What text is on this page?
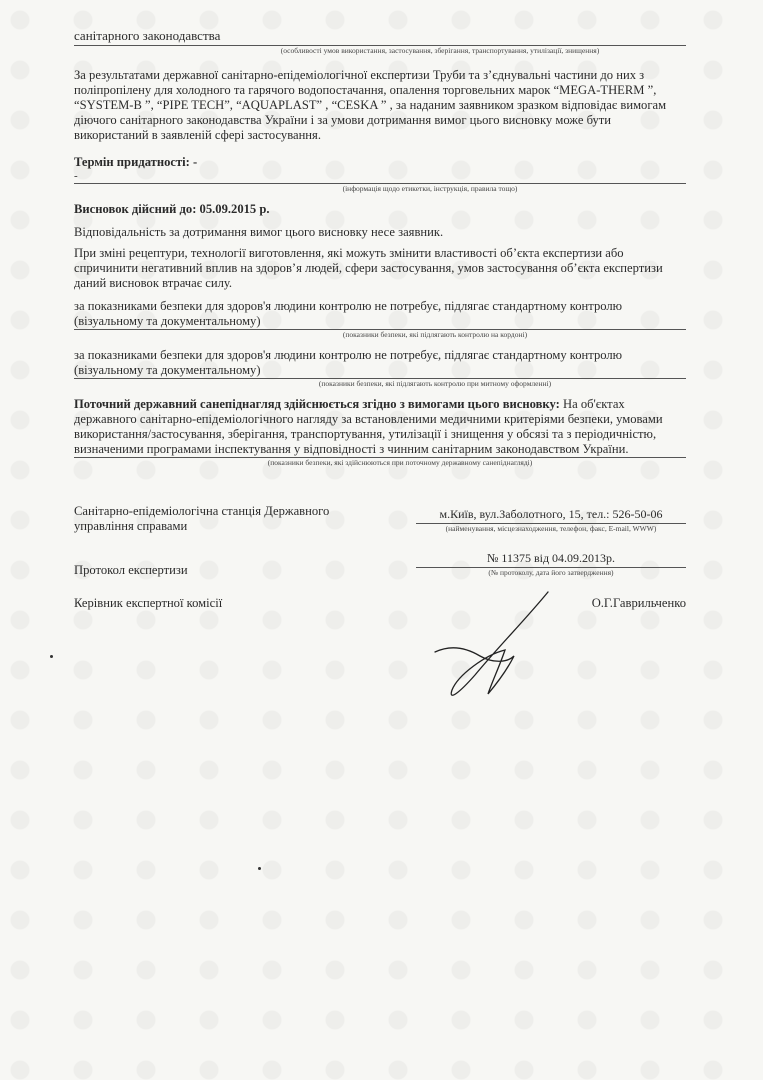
санітарного законодавства
(особливості умов використання, застосування, зберігання, транспортування, утилізації, знищення)

За результатами державної санітарно-епідеміологічної експертизи Труби та з’єднувальні частини до них з поліпропілену для холодного та гарячого водопостачання, опалення торговельних марок “MEGA-THERM ”, “SYSTEM-B ”, “PIPE TECH”, “AQUAPLAST” , “CESKA ” , за наданим заявником зразком відповідає вимогам діючого санітарного законодавства України і за умови дотримання вимог цього висновку може бути використаний в заявленій сфері застосування.

Термін придатності: -

-
(інформація щодо етикетки, інструкція, правила тощо)

Висновок дійсний до: 05.09.2015 р.

Відповідальність за дотримання вимог цього висновку несе заявник.

При зміні рецептури, технології виготовлення, які можуть змінити властивості об’єкта експертизи або спричинити негативний вплив на здоров’я людей, сфери застосування, умов застосування об’єкта експертизи даний висновок втрачає силу.

за показниками безпеки для здоров'я людини контролю не потребує, підлягає стандартному контролю (візуальному та документальному)

(показники безпеки, які підлягають контролю на кордоні)

за показниками безпеки для здоров'я людини контролю не потребує, підлягає стандартному контролю (візуальному та документальному)

(показники безпеки, які підлягають контролю при митному оформленні)

Поточний державний санепіднагляд здійснюється згідно з вимогами цього висновку: На об'єктах державного санітарно-епідеміологічного нагляду за встановленими медичними критеріями безпеки, умовами використання/застосування, зберігання, транспортування, утилізації і знищення у обсязі та з періодичністю, визначеними програмами інспектування у відповідності з чинним санітарним законодавством України.

(показники безпеки, які здійснюються при поточному державному санепіднагляді)

Санітарно-епідеміологічна станція Державного управління справами

м.Київ, вул.Заболотного, 15, тел.: 526-50-06
(найменування, місцезнаходження, телефон, факс, E-mail, WWW)

Протокол експертизи

№ 11375 від 04.09.2013р.
(№ протоколу, дата його затвердження)

Керівник експертної комісії	О.Г.Гаврильченко
